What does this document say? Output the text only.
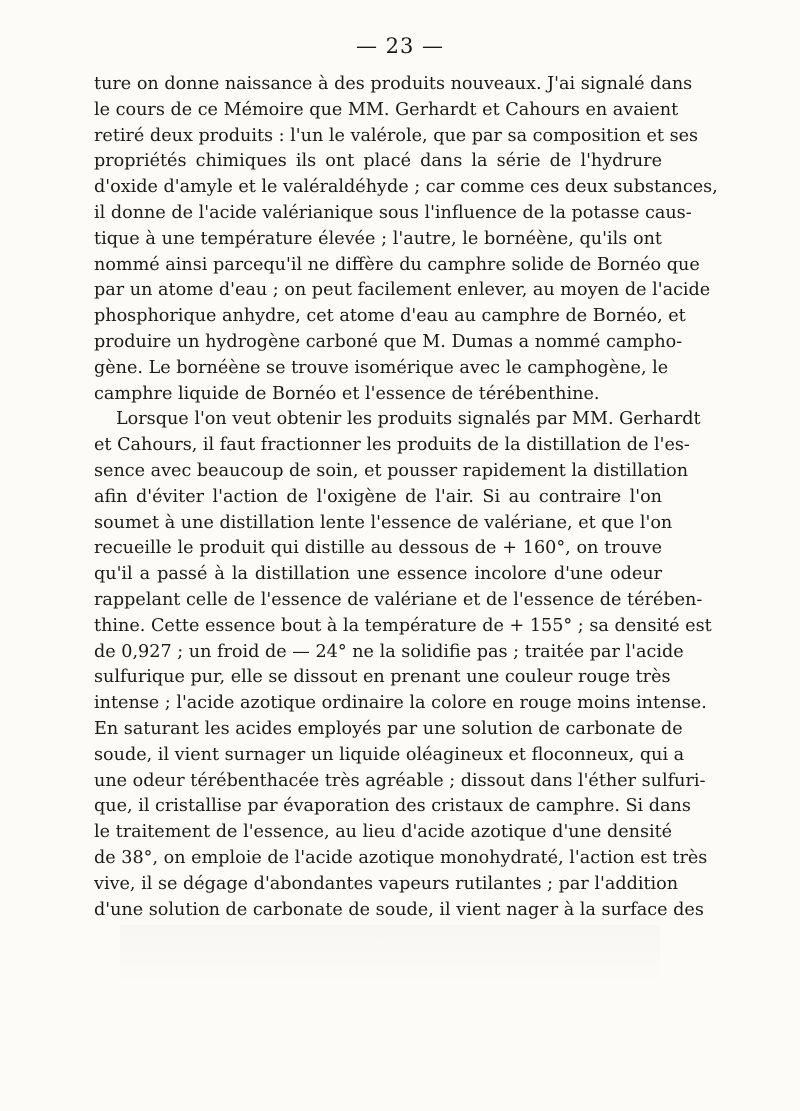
— 23 —
ture on donne naissance à des produits nouveaux. J'ai signalé dans
le cours de ce Mémoire que MM. Gerhardt et Cahours en avaient
retiré deux produits : l'un le valérole, que par sa composition et ses
propriétés chimiques ils ont placé dans la série de l'hydrure
d'oxide d'amyle et le valéraldéhyde ; car comme ces deux substances,
il donne de l'acide valérianique sous l'influence de la potasse caus-
tique à une température élevée ; l'autre, le bornéène, qu'ils ont
nommé ainsi parcequ'il ne diffère du camphre solide de Bornéo que
par un atome d'eau ; on peut facilement enlever, au moyen de l'acide
phosphorique anhydre, cet atome d'eau au camphre de Bornéo, et
produire un hydrogène carboné que M. Dumas a nommé campho-
gène. Le bornéène se trouve isomérique avec le camphogène, le
camphre liquide de Bornéo et l'essence de térébenthine.
Lorsque l'on veut obtenir les produits signalés par MM. Gerhardt
et Cahours, il faut fractionner les produits de la distillation de l'es-
sence avec beaucoup de soin, et pousser rapidement la distillation
afin d'éviter l'action de l'oxigène de l'air. Si au contraire l'on
soumet à une distillation lente l'essence de valériane, et que l'on
recueille le produit qui distille au dessous de + 160°, on trouve
qu'il a passé à la distillation une essence incolore d'une odeur
rappelant celle de l'essence de valériane et de l'essence de térében-
thine. Cette essence bout à la température de + 155° ; sa densité est
de 0,927 ; un froid de — 24° ne la solidifie pas ; traitée par l'acide
sulfurique pur, elle se dissout en prenant une couleur rouge très
intense ; l'acide azotique ordinaire la colore en rouge moins intense.
En saturant les acides employés par une solution de carbonate de
soude, il vient surnager un liquide oléagineux et floconneux, qui a
une odeur térébenthacée très agréable ; dissout dans l'éther sulfuri-
que, il cristallise par évaporation des cristaux de camphre. Si dans
le traitement de l'essence, au lieu d'acide azotique d'une densité
de 38°, on emploie de l'acide azotique monohydraté, l'action est très
vive, il se dégage d'abondantes vapeurs rutilantes ; par l'addition
d'une solution de carbonate de soude, il vient nager à la surface des
